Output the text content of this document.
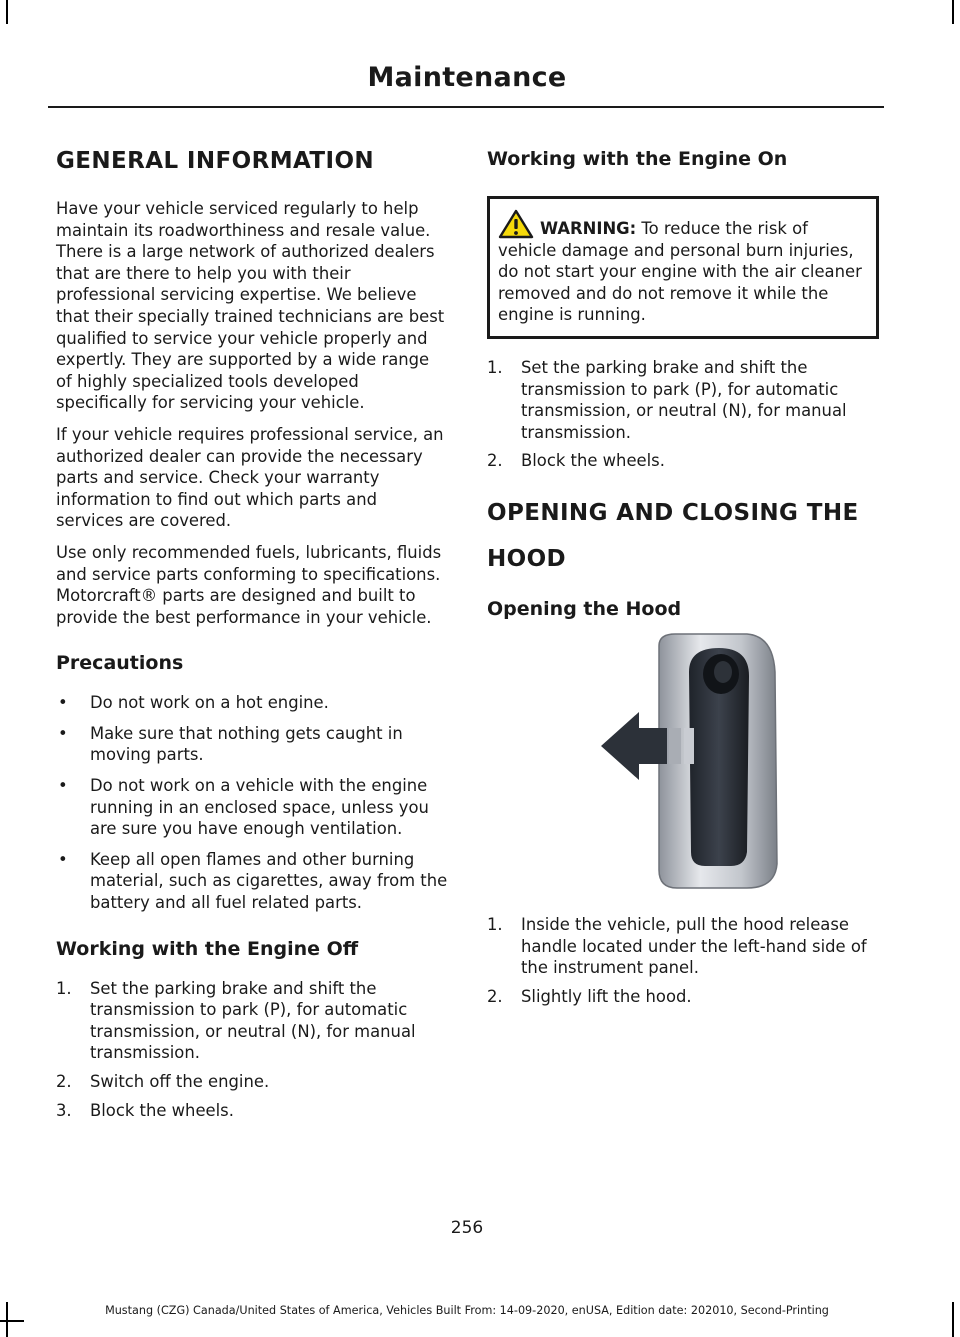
Maintenance
GENERAL INFORMATION

Have your vehicle serviced regularly to help maintain its roadworthiness and resale value. There is a large network of authorized dealers that are there to help you with their professional servicing expertise. We believe that their specially trained technicians are best qualified to service your vehicle properly and expertly. They are supported by a wide range of highly specialized tools developed specifically for servicing your vehicle.

If your vehicle requires professional service, an authorized dealer can provide the necessary parts and service. Check your warranty information to find out which parts and services are covered.

Use only recommended fuels, lubricants, fluids and service parts conforming to specifications. Motorcraft® parts are designed and built to provide the best performance in your vehicle.

Precautions
• Do not work on a hot engine.
• Make sure that nothing gets caught in moving parts.
• Do not work on a vehicle with the engine running in an enclosed space, unless you are sure you have enough ventilation.
• Keep all open flames and other burning material, such as cigarettes, away from the battery and all fuel related parts.
Working with the Engine Off
1. Set the parking brake and shift the transmission to park (P), for automatic transmission, or neutral (N), for manual transmission.
2. Switch off the engine.
3. Block the wheels.
Working with the Engine On
WARNING: To reduce the risk of vehicle damage and personal burn injuries, do not start your engine with the air cleaner removed and do not remove it while the engine is running.
1. Set the parking brake and shift the transmission to park (P), for automatic transmission, or neutral (N), for manual transmission.
2. Block the wheels.
OPENING AND CLOSING THE
HOOD
Opening the Hood
1. Inside the vehicle, pull the hood release handle located under the left-hand side of the instrument panel.
2. Slightly lift the hood.
256
Mustang (CZG) Canada/United States of America, Vehicles Built From: 14-09-2020, enUSA, Edition date: 202010, Second-Printing
